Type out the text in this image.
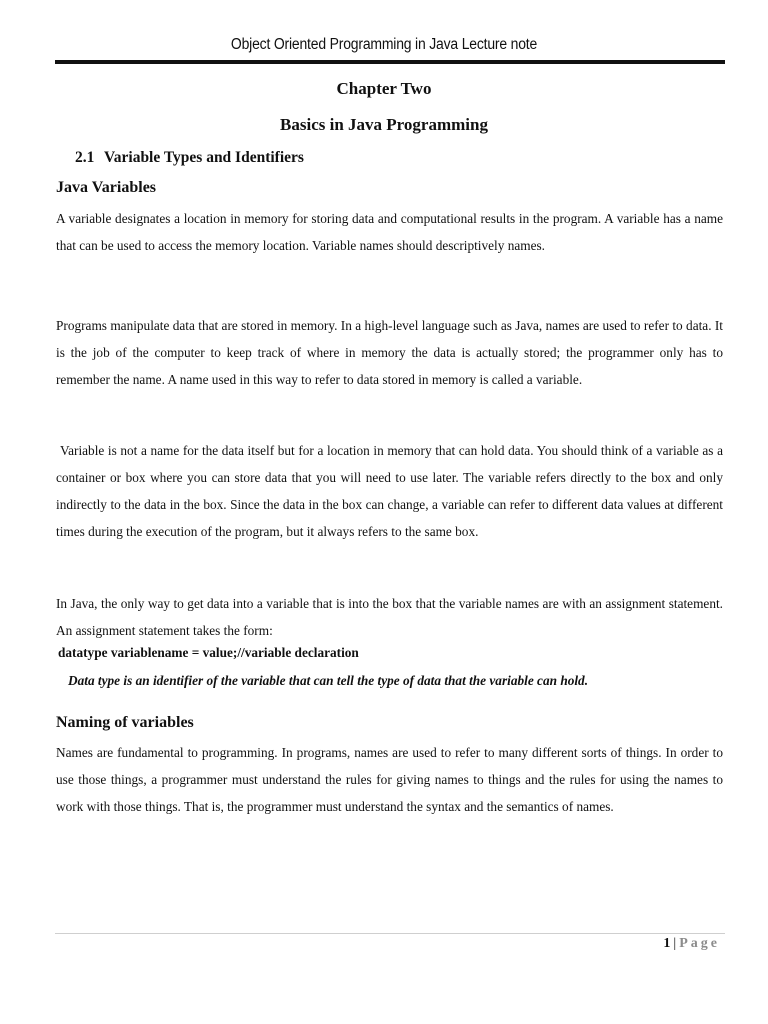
Object Oriented Programming in Java Lecture note
Chapter Two
Basics in Java Programming
2.1 Variable Types and Identifiers
Java Variables

A variable designates a location in memory for storing data and computational results in the program. A variable has a name that can be used to access the memory location. Variable names should descriptively names.

Programs manipulate data that are stored in memory. In a high-level language such as Java, names are used to refer to data. It is the job of the computer to keep track of where in memory the data is actually stored; the programmer only has to remember the name. A name used in this way to refer to data stored in memory is called a variable.

Variable is not a name for the data itself but for a location in memory that can hold data. You should think of a variable as a container or box where you can store data that you will need to use later. The variable refers directly to the box and only indirectly to the data in the box. Since the data in the box can change, a variable can refer to different data values at different times during the execution of the program, but it always refers to the same box.

In Java, the only way to get data into a variable that is into the box that the variable names are with an assignment statement. An assignment statement takes the form:

datatype variablename = value;//variable declaration
Data type is an identifier of the variable that can tell the type of data that the variable can hold.
Naming of variables

Names are fundamental to programming. In programs, names are used to refer to many different sorts of things. In order to use those things, a programmer must understand the rules for giving names to things and the rules for using the names to work with those things. That is, the programmer must understand the syntax and the semantics of names.

1 | Page
